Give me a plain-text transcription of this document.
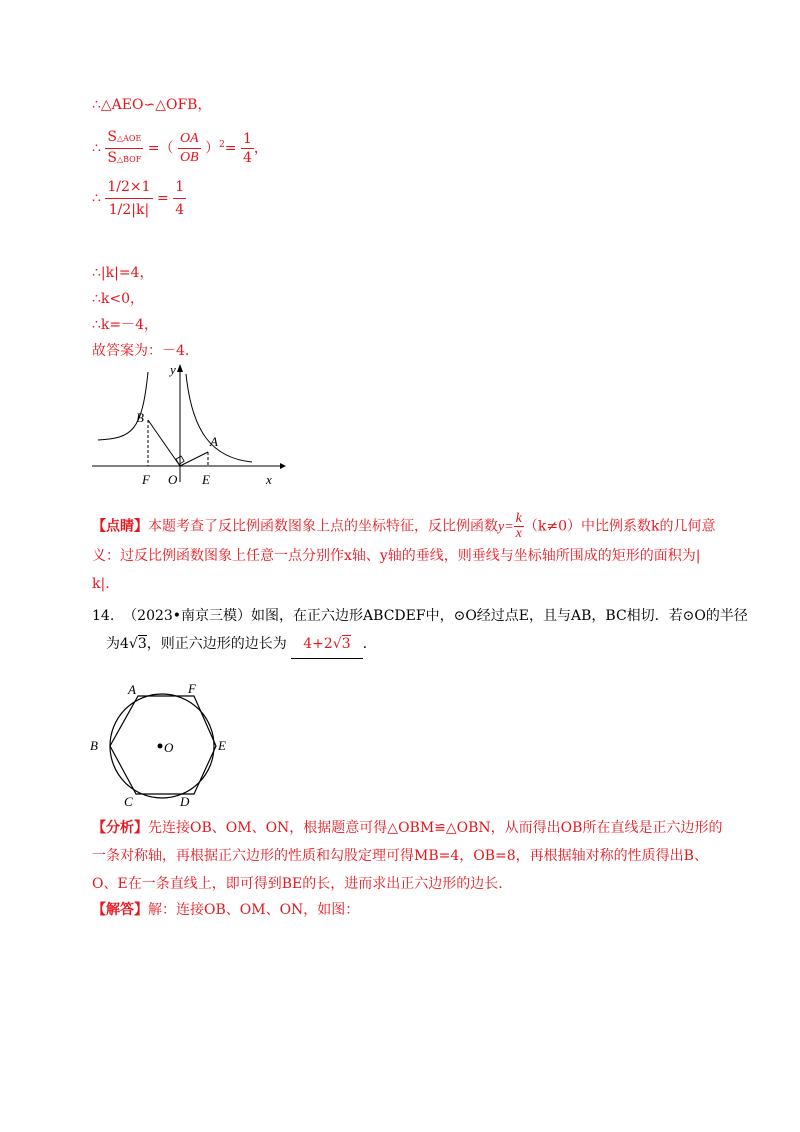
∴△AEO∽△OFB，
∴ $\frac{\text{S△AOE}}{\text{S△BOF}}$ =（ $\frac{OA}{OB} )^2= \frac{1}{4}$ ，
∴ $\frac{1/2\times 1}{1/2|k|} = \frac{1}{4}$
∴|k|=4，
∴k<0，
∴k=－4，
故答案为：－4.
y
B
A
F O E	x
【点睛】本题考查了反比例函数图象上点的坐标特征，反比例函数$y= \frac{k}{x} (k\ne 0)$中比例系数k的几何意
义：过反比例函数图象上任意一点分别作x轴、y轴的垂线，则垂线与坐标轴所围成的矩形的面积为|
k|.
14. （2023•南京三模）如图，在正六边形ABCDEF中，⊙O经过点E，且与AB，BC相切．若⊙O的半径
为4√3，则正六边形的边长为 4+2√3 .
A	F
B	O	E
C	D
【分析】先连接OB、OM、ON，根据题意可得△OBM≌△OBN，从而得出OB所在直线是正六边形的
一条对称轴，再根据正六边形的性质和勾股定理可得MB=4，OB=8，再根据轴对称的性质得出B、
O、E在一条直线上，即可得到BE的长，进而求出正六边形的边长.
【解答】解：连接OB、OM、ON，如图：
